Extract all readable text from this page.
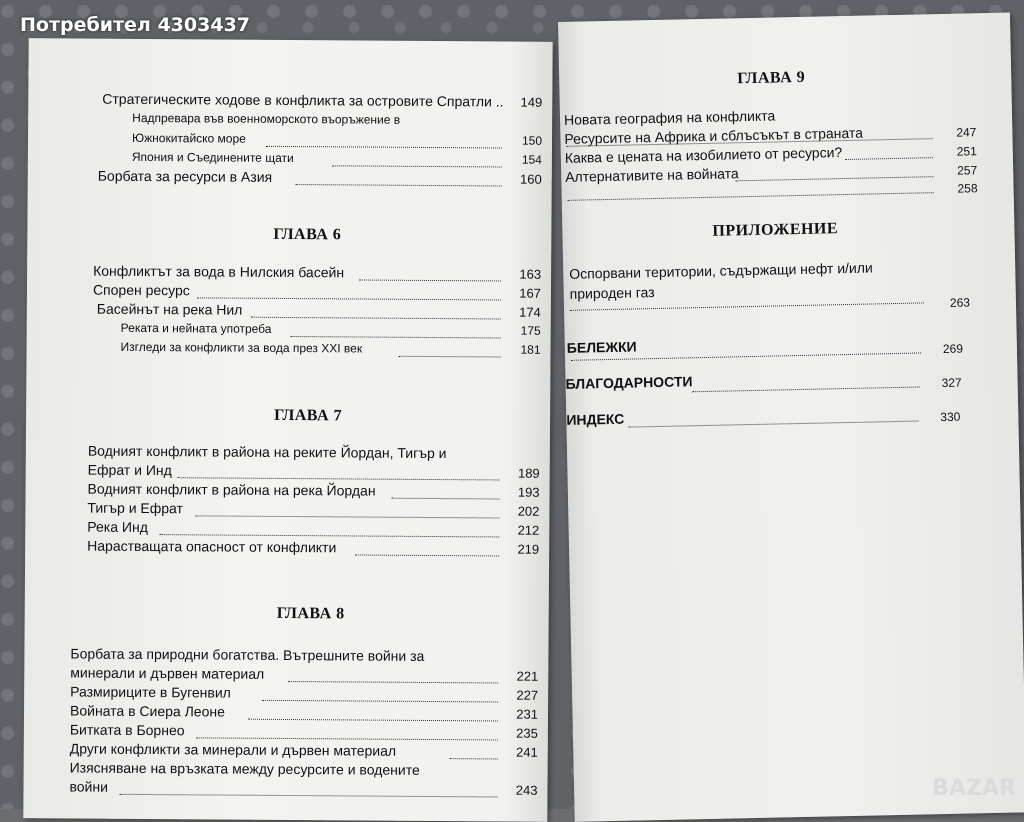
Стратегическите ходове в конфликта за островите Спратли ..	149
Надпревара във военноморското въоръжение в
Южнокитайско море	150
Япония и Съединените щати	154
Борбата за ресурси в Азия	160
ГЛАВА 6
Конфликтът за вода в Нилския басейн	163
Спорен ресурс	167
Басейнът на река Нил	174
Реката и нейната употреба	175
Изгледи за конфликти за вода през XXI век	181
ГЛАВА 7
Водният конфликт в района на реките Йордан, Тигър и
Ефрат и Инд	189
Водният конфликт в района на река Йордан	193
Тигър и Ефрат	202
Река Инд	212
Нарастващата опасност от конфликти	219
ГЛАВА 8
Борбата за природни богатства. Вътрешните войни за
минерали и дървен материал	221
Размириците в Бугенвил	227
Войната в Сиера Леоне	231
Битката в Борнео	235
Други конфликти за минерали и дървен материал	241
Изясняване на връзката между ресурсите и водените
войни	243
ГЛАВА 9
Новата география на конфликта
Ресурсите на Африка и сблъсъкът в страната	247
Каква е цената на изобилието от ресурси?	251
Алтернативите на войната	257
258
ПРИЛОЖЕНИЕ
Оспорвани територии, съдържащи нефт и/или
природен газ
263
БЕЛЕЖКИ	269
БЛАГОДАРНОСТИ	327
ИНДЕКС	330
Потребител 4303437
BAZAR
